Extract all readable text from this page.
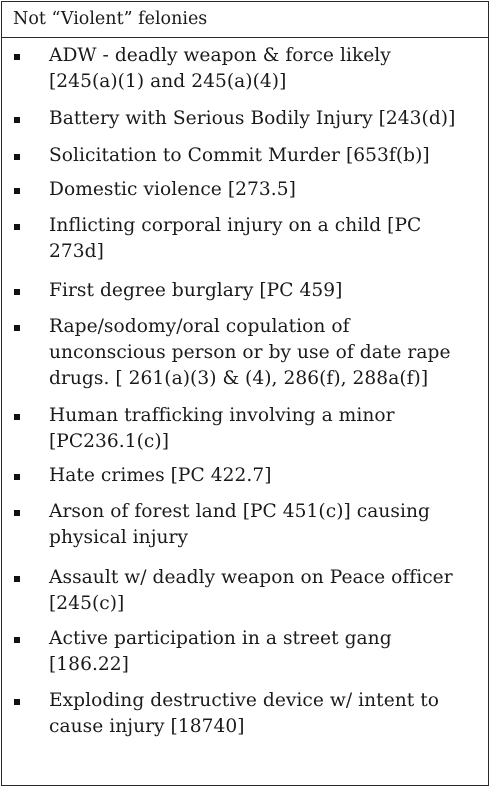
Not “Violent” felonies
ADW - deadly weapon & force likely
[245(a)(1) and 245(a)(4)]
Battery with Serious Bodily Injury [243(d)]
Solicitation to Commit Murder [653f(b)]
Domestic violence [273.5]
Inflicting corporal injury on a child [PC
273d]
First degree burglary [PC 459]
Rape/sodomy/oral copulation of
unconscious person or by use of date rape
drugs. [ 261(a)(3) & (4), 286(f), 288a(f)]
Human trafficking involving a minor
[PC236.1(c)]
Hate crimes [PC 422.7]
Arson of forest land [PC 451(c)] causing
physical injury
Assault w/ deadly weapon on Peace officer
[245(c)]
Active participation in a street gang
[186.22]
Exploding destructive device w/ intent to
cause injury [18740]
